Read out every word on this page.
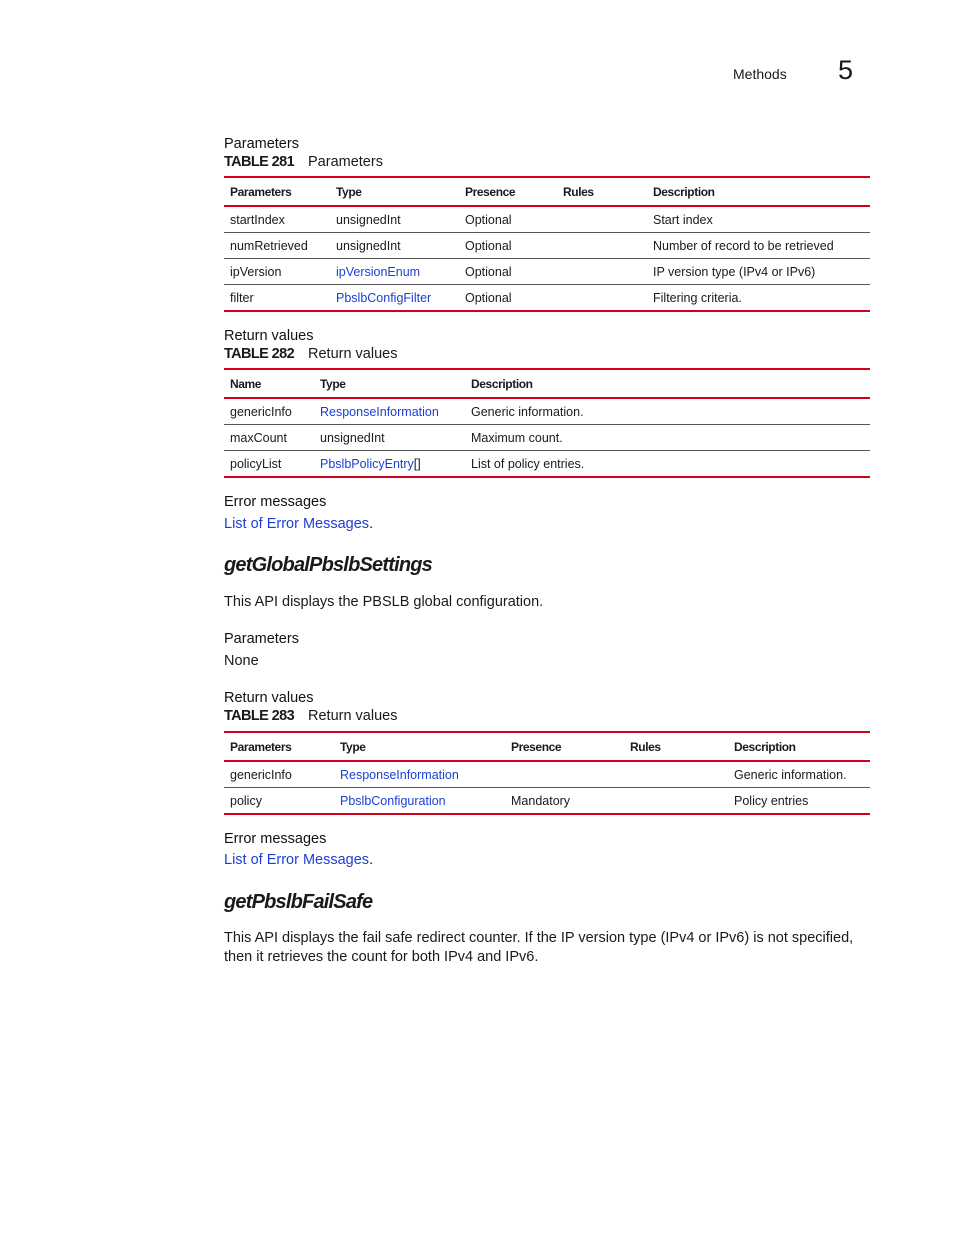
Methods 5
Parameters
TABLE 281 Parameters
Parameters	Type	Presence	Rules	Description
startIndex	unsignedInt	Optional		Start index
numRetrieved	unsignedInt	Optional		Number of record to be retrieved
ipVersion	ipVersionEnum	Optional		IP version type (IPv4 or IPv6)
filter	PbslbConfigFilter	Optional		Filtering criteria.
Return values
TABLE 282 Return values
Name	Type	Description
genericInfo	ResponseInformation	Generic information.
maxCount	unsignedInt	Maximum count.
policyList	PbslbPolicyEntry[]	List of policy entries.
Error messages
List of Error Messages.
getGlobalPbslbSettings
This API displays the PBSLB global configuration.
Parameters
None
Return values
TABLE 283 Return values
Parameters	Type	Presence	Rules	Description
genericInfo	ResponseInformation			Generic information.
policy	PbslbConfiguration	Mandatory		Policy entries
Error messages
List of Error Messages.
getPbslbFailSafe
This API displays the fail safe redirect counter. If the IP version type (IPv4 or IPv6) is not specified,
then it retrieves the count for both IPv4 and IPv6.
